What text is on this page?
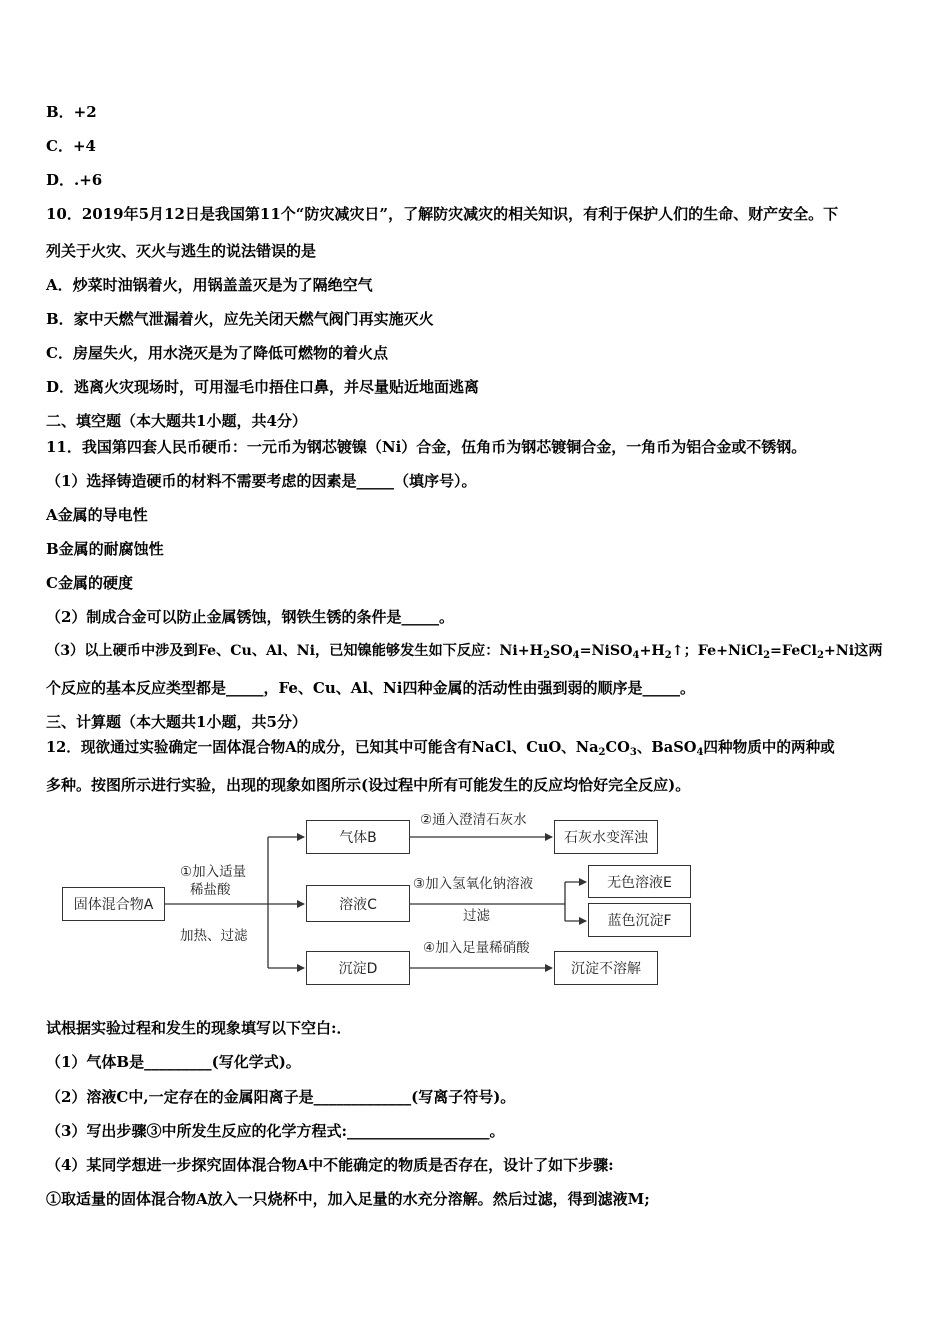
B．+2
C．+4
D．.+6
10．2019年5月12日是我国第11个“防灾减灾日”，了解防灾减灾的相关知识，有利于保护人们的生命、财产安全。下
列关于火灾、灭火与逃生的说法错误的是
A．炒菜时油锅着火，用锅盖盖灭是为了隔绝空气
B．家中天燃气泄漏着火，应先关闭天燃气阀门再实施灭火
C．房屋失火，用水浇灭是为了降低可燃物的着火点
D．逃离火灾现场时，可用湿毛巾捂住口鼻，并尽量贴近地面逃离
二、填空题（本大题共1小题，共4分）
11．我国第四套人民币硬币：一元币为钢芯镀镍（Ni）合金，伍角币为钢芯镀铜合金，一角币为铝合金或不锈钢。
（1）选择铸造硬币的材料不需要考虑的因素是_____（填序号）。
A金属的导电性
B金属的耐腐蚀性
C金属的硬度
（2）制成合金可以防止金属锈蚀，钢铁生锈的条件是_____。
（3）以上硬币中涉及到Fe、Cu、Al、Ni，已知镍能够发生如下反应：$Ni+H_2SO_4=NiSO_4+H_2↑$；Fe+NiCl$_2$=FeCl$_2$+Ni这两
个反应的基本反应类型都是_____，Fe、Cu、Al、Ni四种金属的活动性由强到弱的顺序是_____。
三、计算题（本大题共1小题，共5分）
12．现欲通过实验确定一固体混合物A的成分，已知其中可能含有NaCl、CuO、$Na_2CO_3$、BaSO$_4$四种物质中的两种或
多种。按图所示进行实验，出现的现象如图所示(设过程中所有可能发生的反应均恰好完全反应)。
固体混合物A
气体B
溶液C
沉淀D
石灰水变浑浊
无色溶液E
蓝色沉淀F
沉淀不溶解
①加入适量
稀盐酸
加热、过滤
②通入澄清石灰水
③加入氢氧化钠溶液
过滤
④加入足量稀硝酸
试根据实验过程和发生的现象填写以下空白:．
（1）气体B是_________(写化学式)。
（2）溶液C中,一定存在的金属阳离子是_____________(写离子符号)。
（3）写出步骤③中所发生反应的化学方程式:___________________。
（4）某同学想进一步探究固体混合物A中不能确定的物质是否存在，设计了如下步骤:
①取适量的固体混合物A放入一只烧杯中，加入足量的水充分溶解。然后过滤，得到滤液M;
